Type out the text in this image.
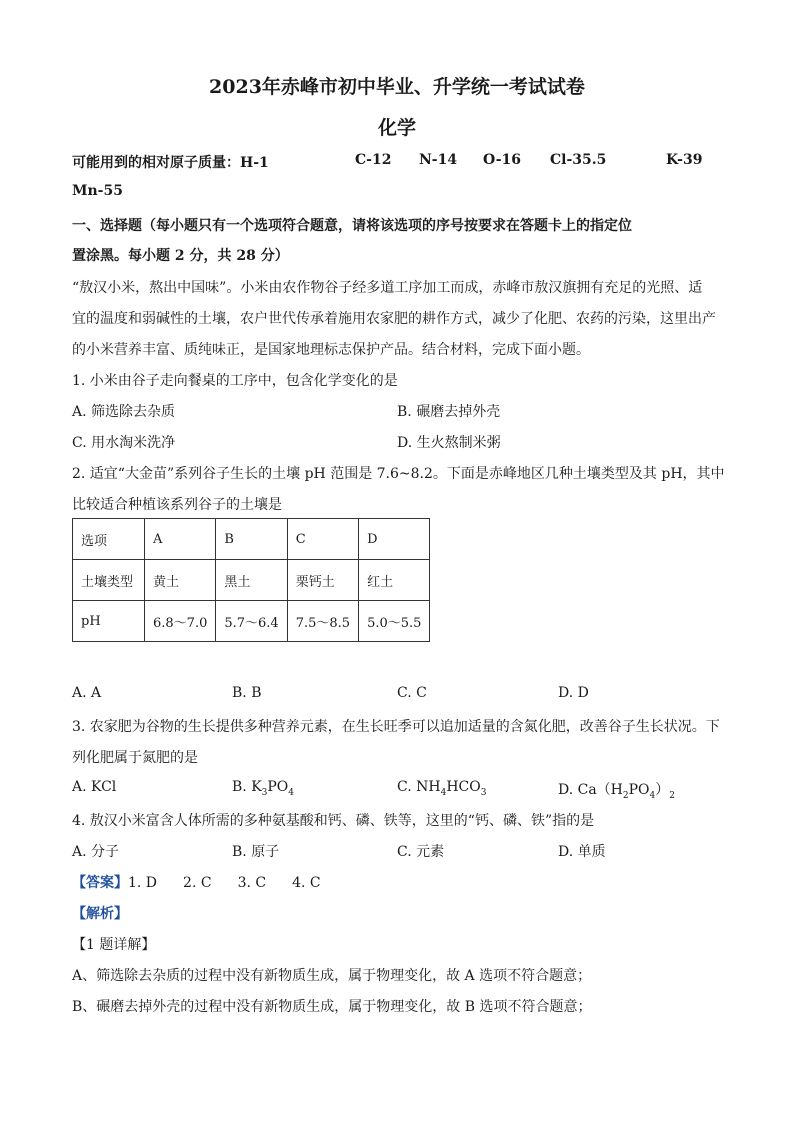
2023年赤峰市初中毕业、升学统一考试试卷
化学
可能用到的相对原子质量：H-1	C-12 N-14 O-16 Cl-35.5	K-39
Mn-55
一、选择题（每小题只有一个选项符合题意，请将该选项的序号按要求在答题卡上的指定位
置涂黑。每小题 2 分，共 28 分）
“敖汉小米，熬出中国味”。小米由农作物谷子经多道工序加工而成，赤峰市敖汉旗拥有充足的光照、适
宜的温度和弱碱性的土壤，农户世代传承着施用农家肥的耕作方式，减少了化肥、农药的污染，这里出产
的小米营养丰富、质纯味正，是国家地理标志保护产品。结合材料，完成下面小题。
1. 小米由谷子走向餐桌的工序中，包含化学变化的是
A. 筛选除去杂质	B. 碾磨去掉外壳
C. 用水淘米洗净	D. 生火熬制米粥
2. 适宜“大金苗”系列谷子生长的土壤 pH 范围是 7.6~8.2。下面是赤峰地区几种土壤类型及其 pH，其中
比较适合种植该系列谷子的土壤是
选项	A	B	C	D
土壤类型	黄土	黑土	栗钙土	红土
pH	6.8～7.0	5.7～6.4	7.5～8.5	5.0～5.5
A. A	B. B	C. C	D. D
3. 农家肥为谷物的生长提供多种营养元素，在生长旺季可以追加适量的含氮化肥，改善谷子生长状况。下
列化肥属于氮肥的是
A. KCl	B. $K_3PO_4$	C. $NH_4HCO_3$	D. $Ca(H_2PO_4)_2$
4. 敖汉小米富含人体所需的多种氨基酸和钙、磷、铁等，这里的“钙、磷、铁”指的是
A. 分子	B. 原子	C. 元素	D. 单质
【答案】1. D 2. C 3. C 4. C
【解析】
【1 题详解】
A、筛选除去杂质的过程中没有新物质生成，属于物理变化，故 A 选项不符合题意；
B、碾磨去掉外壳的过程中没有新物质生成，属于物理变化，故 B 选项不符合题意；
